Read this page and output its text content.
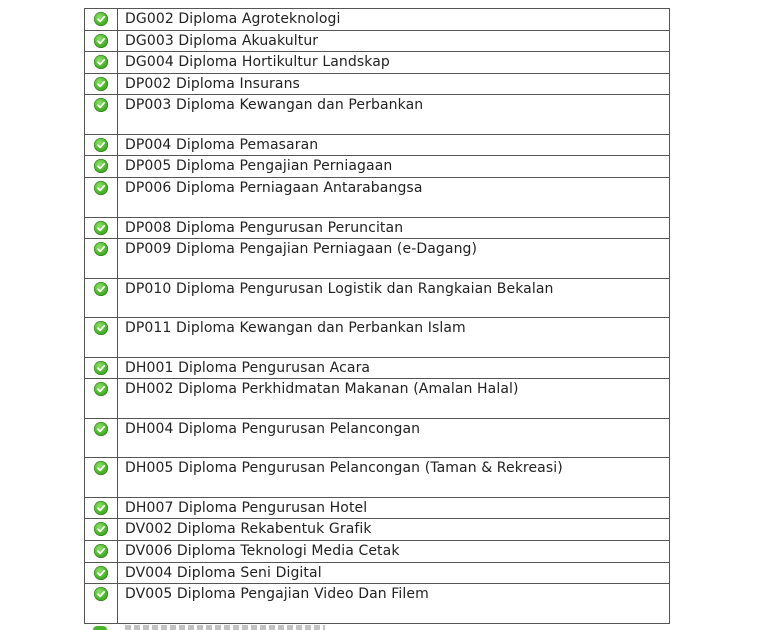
DG002 Diploma Agroteknologi
DG003 Diploma Akuakultur
DG004 Diploma Hortikultur Landskap
DP002 Diploma Insurans
DP003 Diploma Kewangan dan Perbankan
DP004 Diploma Pemasaran
DP005 Diploma Pengajian Perniagaan
DP006 Diploma Perniagaan Antarabangsa
DP008 Diploma Pengurusan Peruncitan
DP009 Diploma Pengajian Perniagaan (e-Dagang)
DP010 Diploma Pengurusan Logistik dan Rangkaian Bekalan
DP011 Diploma Kewangan dan Perbankan Islam
DH001 Diploma Pengurusan Acara
DH002 Diploma Perkhidmatan Makanan (Amalan Halal)
DH004 Diploma Pengurusan Pelancongan
DH005 Diploma Pengurusan Pelancongan (Taman & Rekreasi)
DH007 Diploma Pengurusan Hotel
DV002 Diploma Rekabentuk Grafik
DV006 Diploma Teknologi Media Cetak
DV004 Diploma Seni Digital
DV005 Diploma Pengajian Video Dan Filem
